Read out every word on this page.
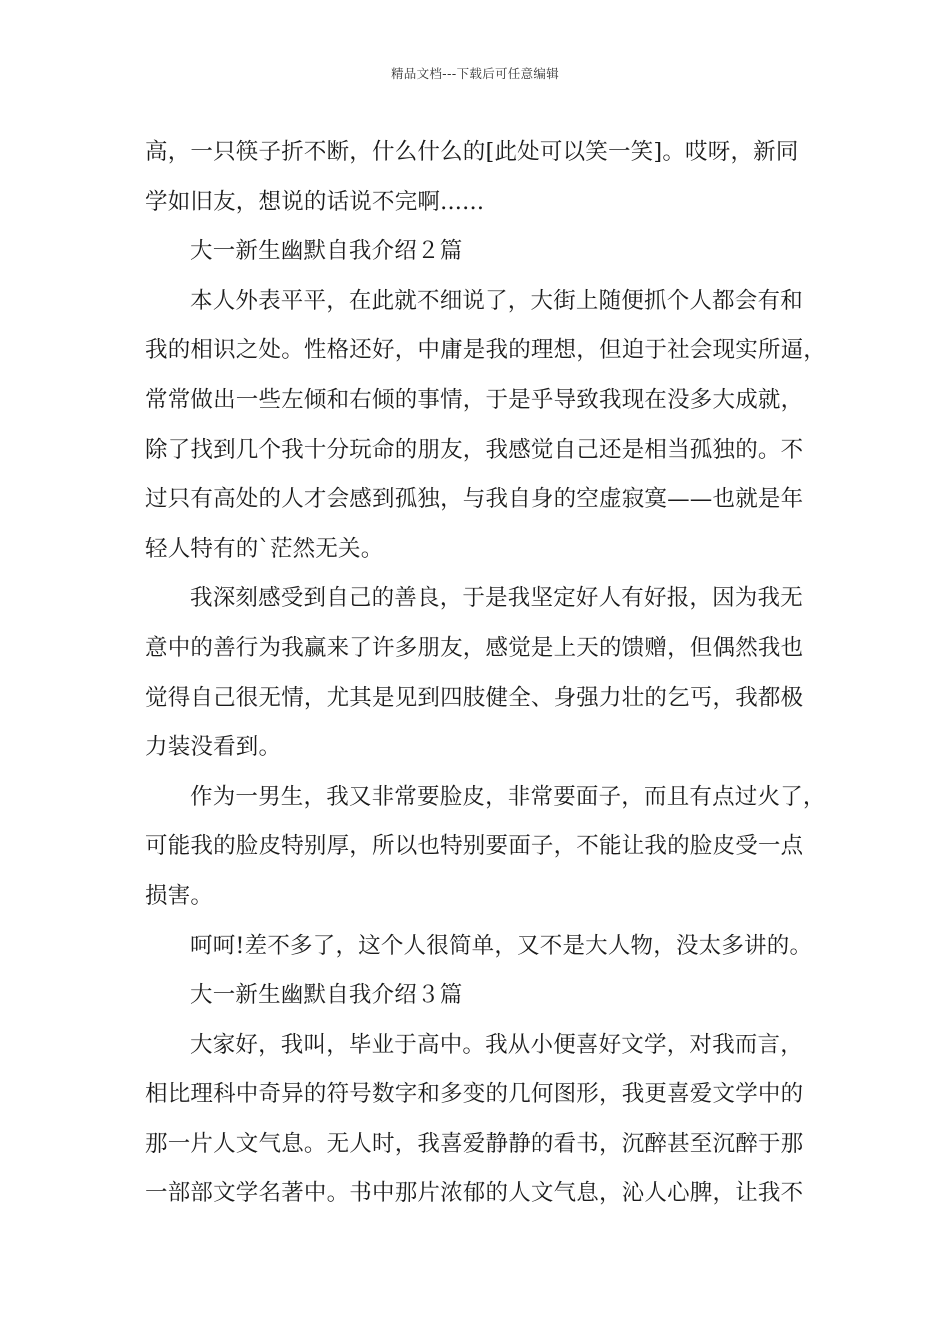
精品文档---下载后可任意编辑
高，一只筷子折不断，什么什么的[此处可以笑一笑]。哎呀，新同
学如旧友，想说的话说不完啊......
大一新生幽默自我介绍２篇
本人外表平平，在此就不细说了，大街上随便抓个人都会有和
我的相识之处。性格还好，中庸是我的理想，但迫于社会现实所逼，
常常做出一些左倾和右倾的事情，于是乎导致我现在没多大成就，
除了找到几个我十分玩命的朋友，我感觉自己还是相当孤独的。不
过只有高处的人才会感到孤独，与我自身的空虚寂寞——也就是年
轻人特有的`茫然无关。
我深刻感受到自己的善良，于是我坚定好人有好报，因为我无
意中的善行为我赢来了许多朋友，感觉是上天的馈赠，但偶然我也
觉得自己很无情，尤其是见到四肢健全、身强力壮的乞丐，我都极
力装没看到。
作为一男生，我又非常要脸皮，非常要面子，而且有点过火了，
可能我的脸皮特别厚，所以也特别要面子，不能让我的脸皮受一点
损害。
呵呵!差不多了，这个人很简单，又不是大人物，没太多讲的。
大一新生幽默自我介绍３篇
大家好，我叫，毕业于高中。我从小便喜好文学，对我而言，
相比理科中奇异的符号数字和多变的几何图形，我更喜爱文学中的
那一片人文气息。无人时，我喜爱静静的看书，沉醉甚至沉醉于那
一部部文学名著中。书中那片浓郁的人文气息，沁人心脾，让我不
